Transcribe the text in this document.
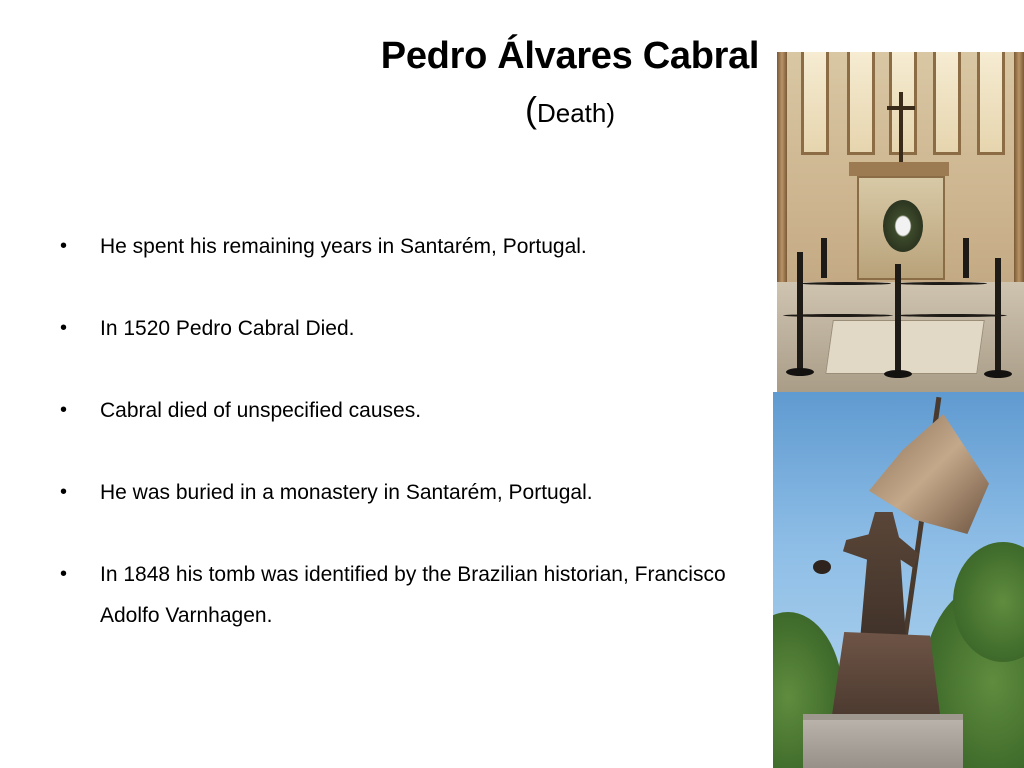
Pedro Álvares Cabral
(Death)
• He spent his remaining years in Santarém, Portugal.
• In 1520 Pedro Cabral Died.
• Cabral died of unspecified causes.
• He was buried in a monastery in Santarém, Portugal.
• In 1848 his tomb was identified by the Brazilian historian, Francisco Adolfo Varnhagen.
